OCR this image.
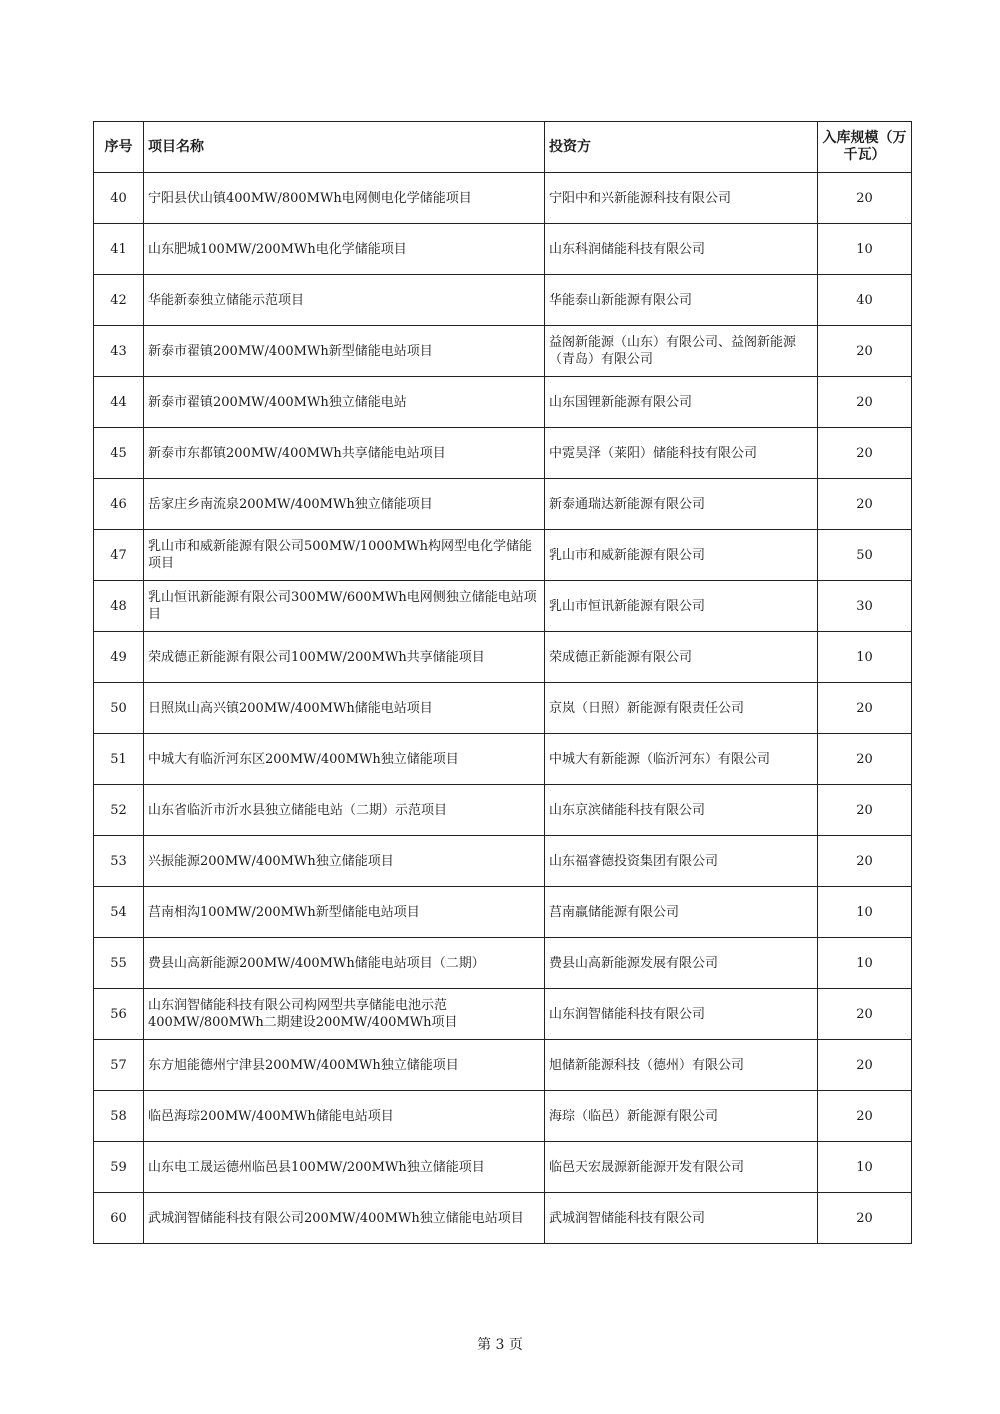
序号	项目名称	投资方	入库规模（万千瓦）
40	宁阳县伏山镇400MW/800MWh电网侧电化学储能项目	宁阳中和兴新能源科技有限公司	20
41	山东肥城100MW/200MWh电化学储能项目	山东科润储能科技有限公司	10
42	华能新泰独立储能示范项目	华能泰山新能源有限公司	40
43	新泰市翟镇200MW/400MWh新型储能电站项目	益阁新能源（山东）有限公司、益阁新能源（青岛）有限公司	20
44	新泰市翟镇200MW/400MWh独立储能电站	山东国锂新能源有限公司	20
45	新泰市东都镇200MW/400MWh共享储能电站项目	中霓昊泽（莱阳）储能科技有限公司	20
46	岳家庄乡南流泉200MW/400MWh独立储能项目	新泰通瑞达新能源有限公司	20
47	乳山市和威新能源有限公司500MW/1000MWh构网型电化学储能项目	乳山市和威新能源有限公司	50
48	乳山恒讯新能源有限公司300MW/600MWh电网侧独立储能电站项目	乳山市恒讯新能源有限公司	30
49	荣成德正新能源有限公司100MW/200MWh共享储能项目	荣成德正新能源有限公司	10
50	日照岚山高兴镇200MW/400MWh储能电站项目	京岚（日照）新能源有限责任公司	20
51	中城大有临沂河东区200MW/400MWh独立储能项目	中城大有新能源（临沂河东）有限公司	20
52	山东省临沂市沂水县独立储能电站（二期）示范项目	山东京滨储能科技有限公司	20
53	兴振能源200MW/400MWh独立储能项目	山东福睿德投资集团有限公司	20
54	莒南相沟100MW/200MWh新型储能电站项目	莒南羸储能源有限公司	10
55	费县山高新能源200MW/400MWh储能电站项目（二期）	费县山高新能源发展有限公司	10
56	山东润智储能科技有限公司构网型共享储能电池示范400MW/800MWh二期建设200MW/400MWh项目	山东润智储能科技有限公司	20
57	东方旭能德州宁津县200MW/400MWh独立储能项目	旭储新能源科技（德州）有限公司	20
58	临邑海琮200MW/400MWh储能电站项目	海琮（临邑）新能源有限公司	20
59	山东电工晟运德州临邑县100MW/200MWh独立储能项目	临邑天宏晟源新能源开发有限公司	10
60	武城润智储能科技有限公司200MW/400MWh独立储能电站项目	武城润智储能科技有限公司	20
第 3 页
